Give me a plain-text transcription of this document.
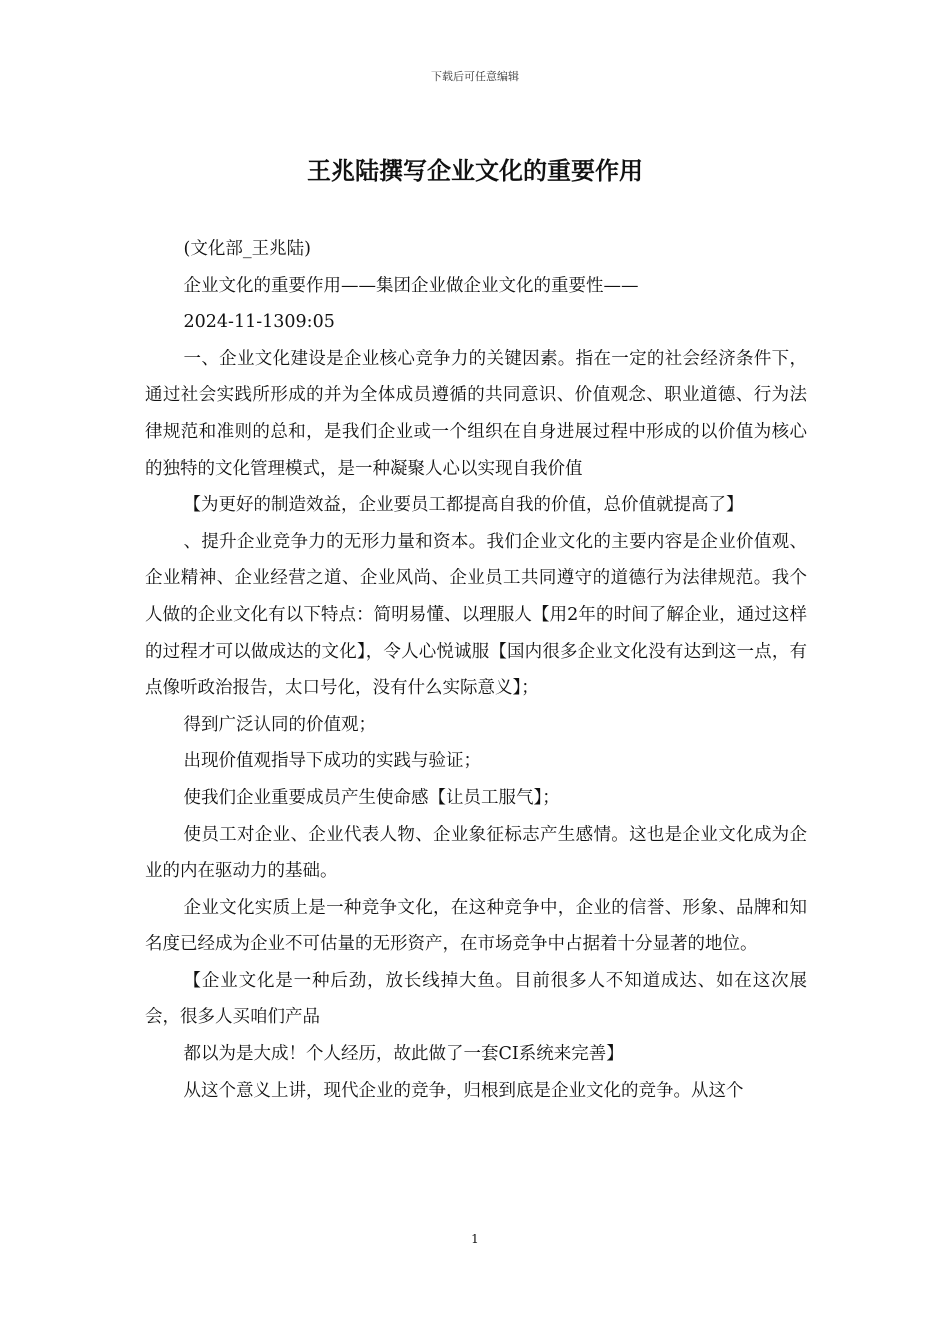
下载后可任意编辑
王兆陆撰写企业文化的重要作用

(文化部_王兆陆)

企业文化的重要作用——集团企业做企业文化的重要性——

2024-11-1309:05

一、企业文化建设是企业核心竞争力的关键因素。指在一定的社会经济条件下，通过社会实践所形成的并为全体成员遵循的共同意识、价值观念、职业道德、行为法律规范和准则的总和，是我们企业或一个组织在自身进展过程中形成的以价值为核心的独特的文化管理模式，是一种凝聚人心以实现自我价值

【为更好的制造效益，企业要员工都提高自我的价值，总价值就提高了】

、提升企业竞争力的无形力量和资本。我们企业文化的主要内容是企业价值观、企业精神、企业经营之道、企业风尚、企业员工共同遵守的道德行为法律规范。我个人做的企业文化有以下特点：简明易懂、以理服人【用2年的时间了解企业，通过这样的过程才可以做成达的文化】，令人心悦诚服【国内很多企业文化没有达到这一点，有点像听政治报告，太口号化，没有什么实际意义】；

得到广泛认同的价值观；

出现价值观指导下成功的实践与验证；

使我们企业重要成员产生使命感【让员工服气】；

使员工对企业、企业代表人物、企业象征标志产生感情。这也是企业文化成为企业的内在驱动力的基础。

企业文化实质上是一种竞争文化，在这种竞争中，企业的信誉、形象、品牌和知名度已经成为企业不可估量的无形资产，在市场竞争中占据着十分显著的地位。

【企业文化是一种后劲，放长线掉大鱼。目前很多人不知道成达、如在这次展会，很多人买咱们产品

都以为是大成！个人经历，故此做了一套CI系统来完善】

从这个意义上讲，现代企业的竞争，归根到底是企业文化的竞争。从这个

1
